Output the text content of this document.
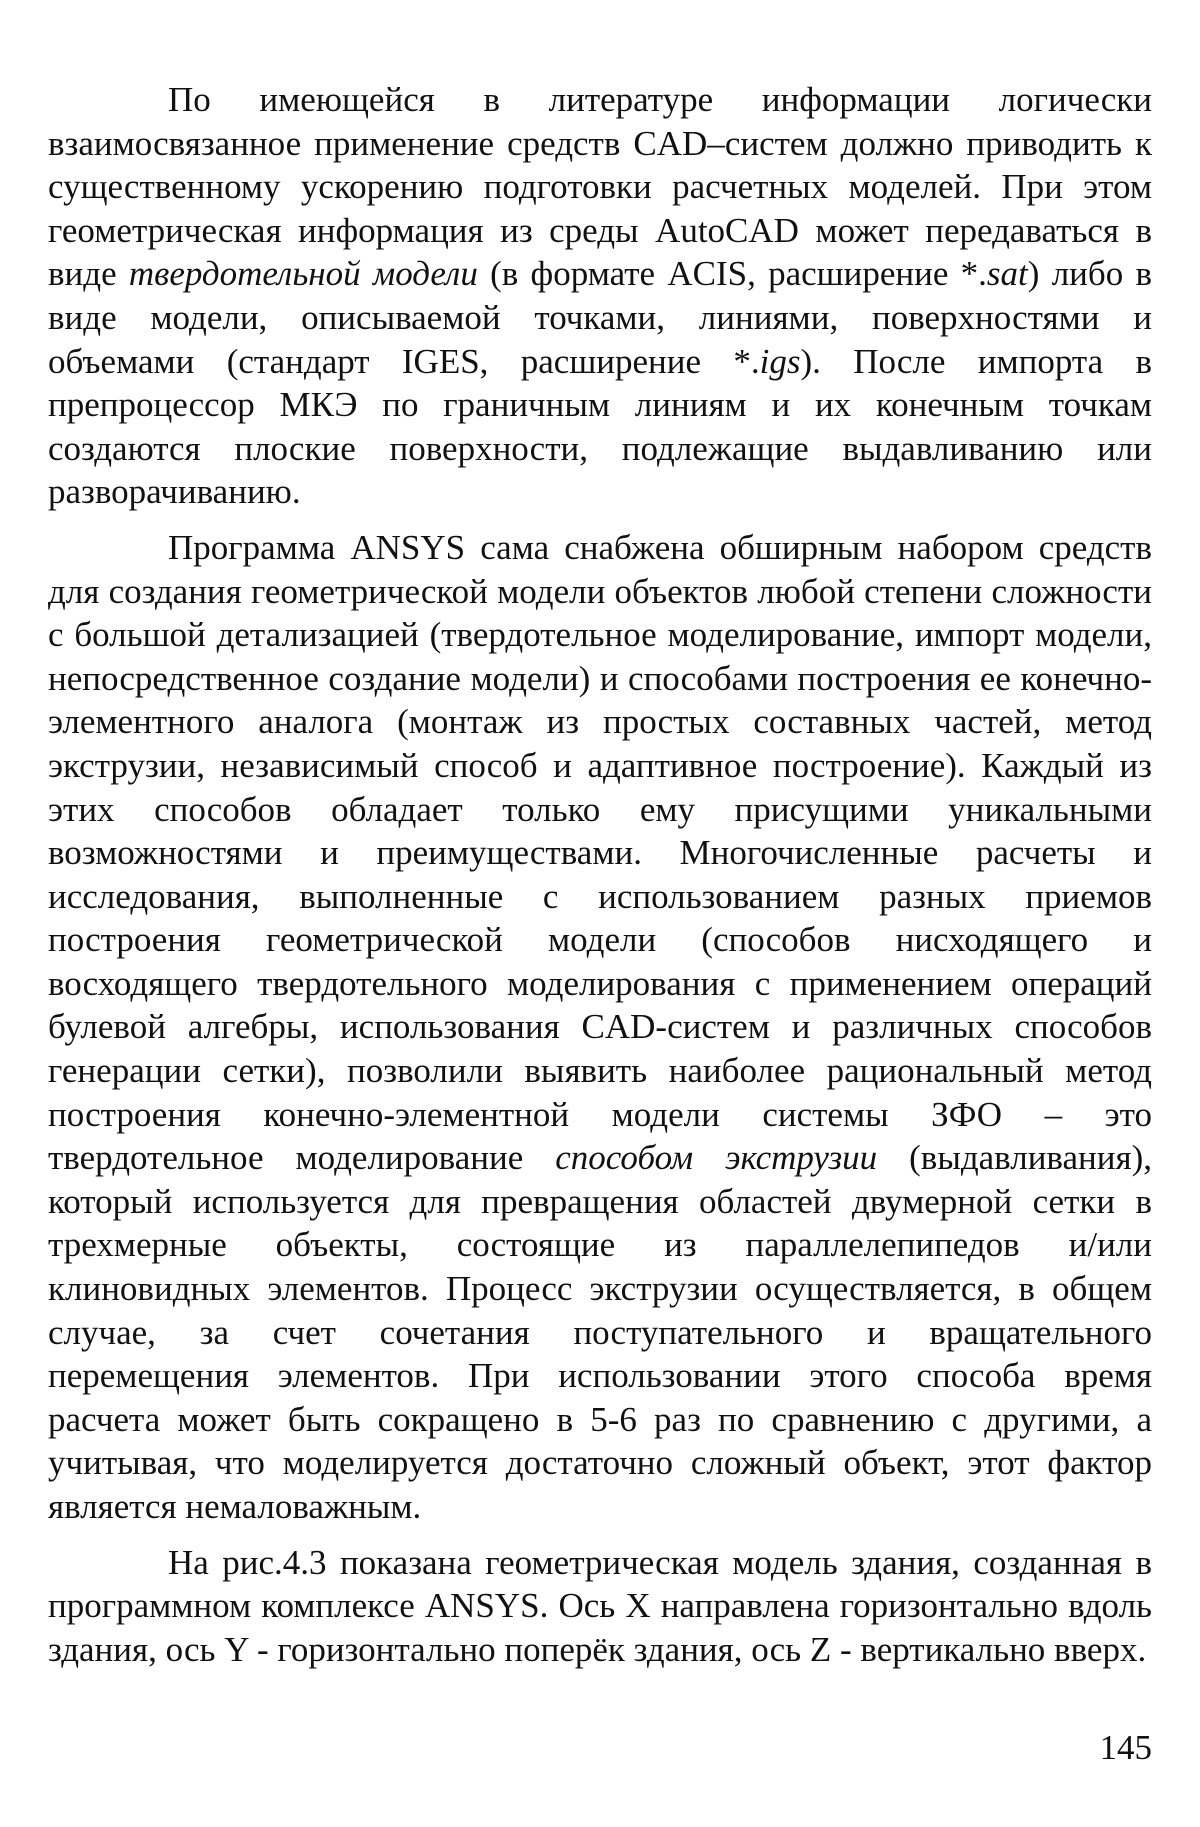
По имеющейся в литературе информации логически взаимосвязанное применение средств CAD–систем должно приводить к существенному ускорению подготовки расчетных моделей. При этом геометрическая информация из среды AutoCAD может передаваться в виде твердотельной модели (в формате ACIS, расширение *.sat) либо в виде модели, описываемой точками, линиями, поверхностями и объемами (стандарт IGES, расширение *.igs). После импорта в препроцессор МКЭ по граничным линиям и их конечным точкам создаются плоские поверхности, подлежащие выдавливанию или разворачиванию.

Программа ANSYS сама снабжена обширным набором средств для создания геометрической модели объектов любой степени сложности с большой детализацией (твердотельное моделирование, импорт модели, непосредственное создание модели) и способами построения ее конечно-элементного аналога (монтаж из простых составных частей, метод экструзии, независимый способ и адаптивное построение). Каждый из этих способов обладает только ему присущими уникальными возможностями и преимуществами. Многочисленные расчеты и исследования, выполненные с использованием разных приемов построения геометрической модели (способов нисходящего и восходящего твердотельного моделирования с применением операций булевой алгебры, использования CAD-систем и различных способов генерации сетки), позволили выявить наиболее рациональный метод построения конечно-элементной модели системы ЗФО – это твердотельное моделирование способом экструзии (выдавливания), который используется для превращения областей двумерной сетки в трехмерные объекты, состоящие из параллелепипедов и/или клиновидных элементов. Процесс экструзии осуществляется, в общем случае, за счет сочетания поступательного и вращательного перемещения элементов. При использовании этого способа время расчета может быть сокращено в 5-6 раз по сравнению с другими, а учитывая, что моделируется достаточно сложный объект, этот фактор является немаловажным.

На рис.4.3 показана геометрическая модель здания, созданная в программном комплексе ANSYS. Ось X направлена горизонтально вдоль здания, ось Y - горизонтально поперёк здания, ось Z - вертикально вверх.

145
